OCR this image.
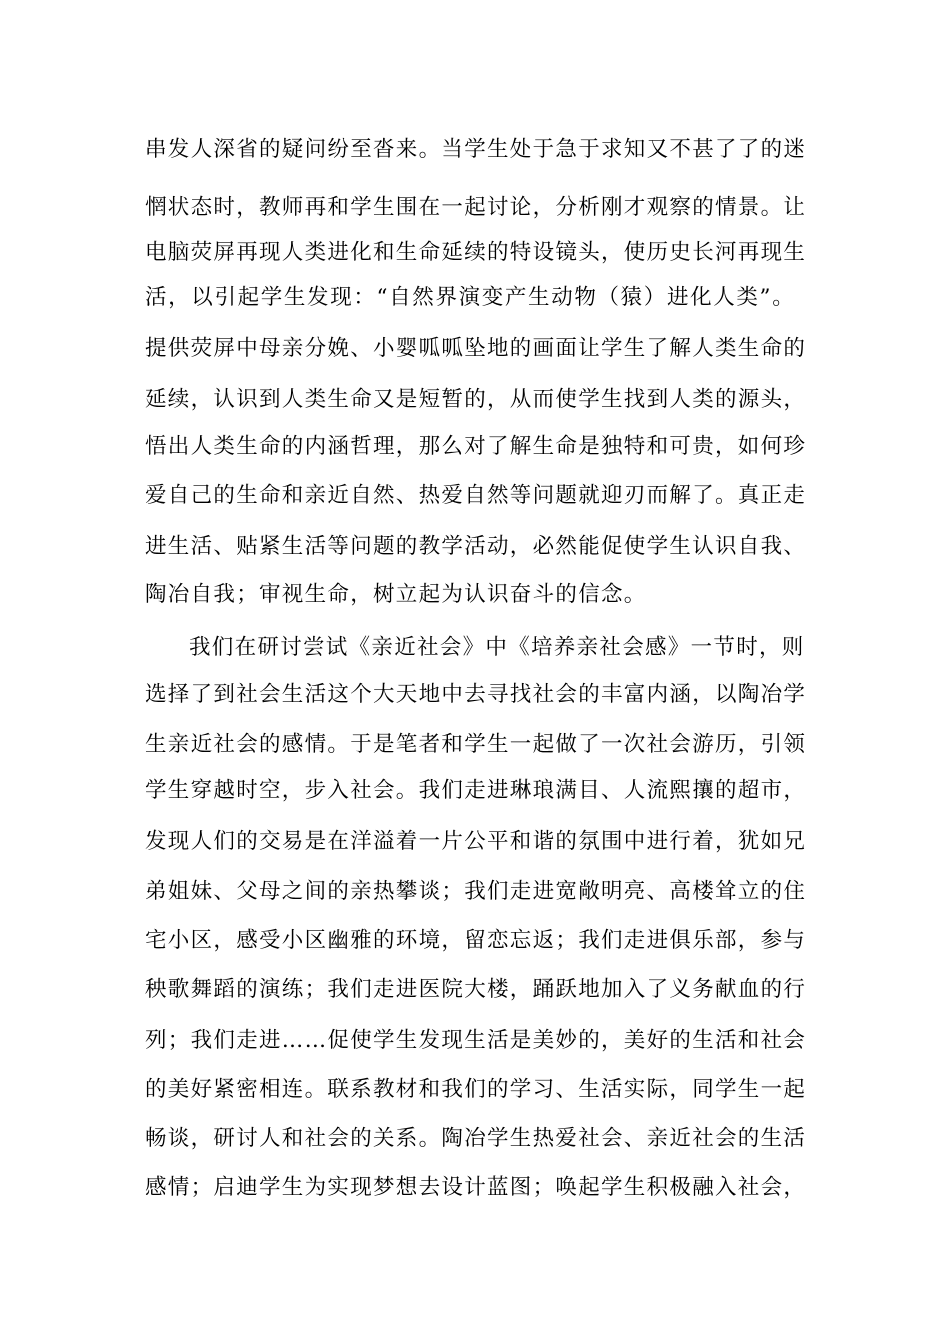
串发人深省的疑问纷至沓来。当学生处于急于求知又不甚了了的迷
惘状态时，教师再和学生围在一起讨论，分析刚才观察的情景。让
电脑荧屏再现人类进化和生命延续的特设镜头，使历史长河再现生
活，以引起学生发现：“自然界演变产生动物（猿）进化人类”。
提供荧屏中母亲分娩、小婴呱呱坠地的画面让学生了解人类生命的
延续，认识到人类生命又是短暂的，从而使学生找到人类的源头，
悟出人类生命的内涵哲理，那么对了解生命是独特和可贵，如何珍
爱自己的生命和亲近自然、热爱自然等问题就迎刃而解了。真正走
进生活、贴紧生活等问题的教学活动，必然能促使学生认识自我、
陶冶自我；审视生命，树立起为认识奋斗的信念。
我们在研讨尝试《亲近社会》中《培养亲社会感》一节时，则
选择了到社会生活这个大天地中去寻找社会的丰富内涵，以陶冶学
生亲近社会的感情。于是笔者和学生一起做了一次社会游历，引领
学生穿越时空，步入社会。我们走进琳琅满目、人流熙攘的超市，
发现人们的交易是在洋溢着一片公平和谐的氛围中进行着，犹如兄
弟姐妹、父母之间的亲热攀谈；我们走进宽敞明亮、高楼耸立的住
宅小区，感受小区幽雅的环境，留恋忘返；我们走进俱乐部，参与
秧歌舞蹈的演练；我们走进医院大楼，踊跃地加入了义务献血的行
列；我们走进……促使学生发现生活是美妙的，美好的生活和社会
的美好紧密相连。联系教材和我们的学习、生活实际，同学生一起
畅谈，研讨人和社会的关系。陶冶学生热爱社会、亲近社会的生活
感情；启迪学生为实现梦想去设计蓝图；唤起学生积极融入社会，
